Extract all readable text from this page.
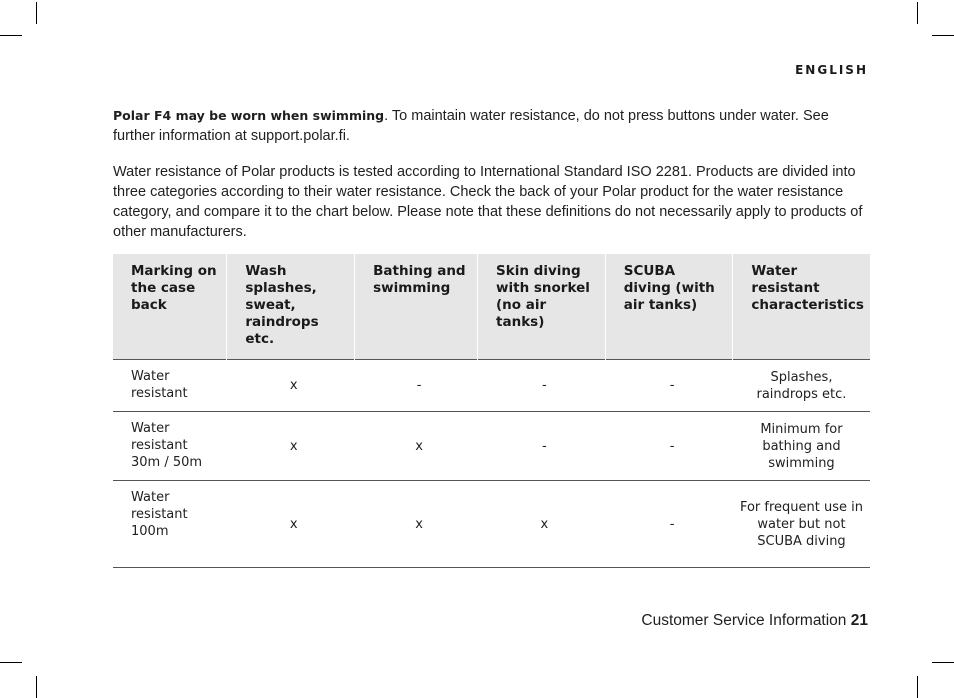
ENGLISH

Polar F4 may be worn when swimming. To maintain water resistance, do not press buttons under water. See further information at support.polar.fi.

Water resistance of Polar products is tested according to International Standard ISO 2281. Products are divided into three categories according to their water resistance. Check the back of your Polar product for the water resistance category, and compare it to the chart below. Please note that these definitions do not necessarily apply to products of other manufacturers.

Marking on the case back	Wash splashes, sweat, raindrops etc.	Bathing and swimming	Skin diving with snorkel (no air tanks)	SCUBA diving (with air tanks)	Water resistant characteristics
Water resistant	x	-	-	-	Splashes, raindrops etc.
Water resistant 30m / 50m	x	x	-	-	Minimum for bathing and swimming
Water resistant 100m	x	x	x	-	For frequent use in water but not SCUBA diving
Customer Service Information 21
